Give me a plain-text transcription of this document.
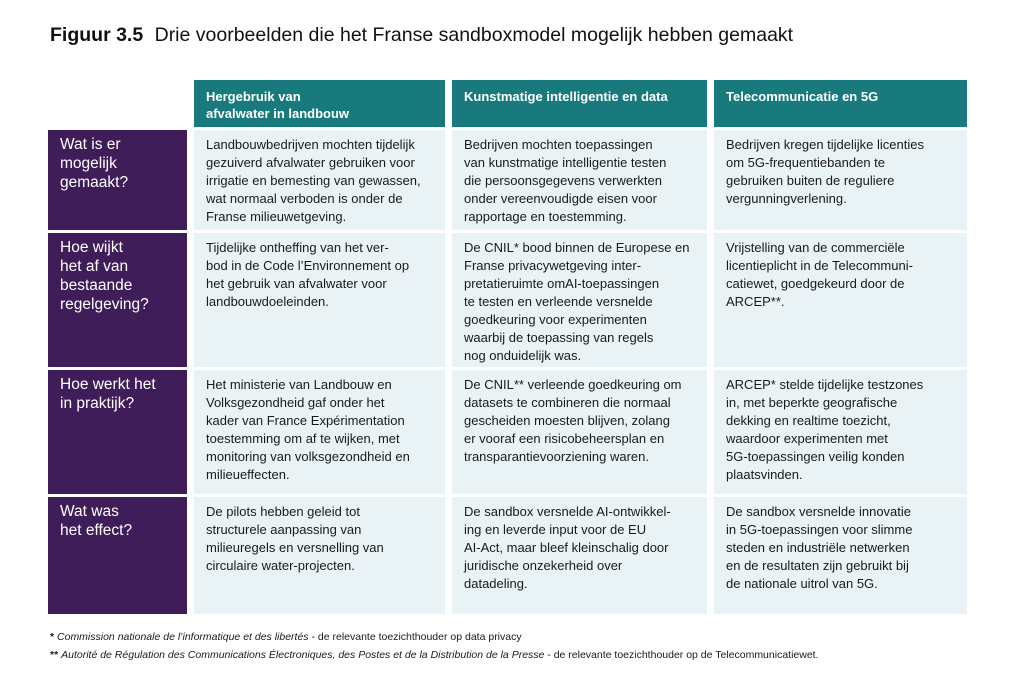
Figuur 3.5 Drie voorbeelden die het Franse sandboxmodel mogelijk hebben gemaakt
Hergebruik van
afvalwater in landbouw
Kunstmatige intelligentie en data	Telecommunicatie en 5G
Wat is er
mogelijk
gemaakt?
Landbouwbedrijven mochten tijdelijk
gezuiverd afvalwater gebruiken voor
irrigatie en bemesting van gewassen,
wat normaal verboden is onder de
Franse milieuwetgeving.
Bedrijven mochten toepassingen
van kunstmatige intelligentie testen
die persoonsgegevens verwerkten
onder vereenvoudigde eisen voor
rapportage en toestemming.
Bedrijven kregen tijdelijke licenties
om 5G-frequentiebanden te
gebruiken buiten de reguliere
vergunningverlening.
Hoe wijkt
het af van
bestaande
regelgeving?
Tijdelijke ontheffing van het ver-
bod in de Code l’Environnement op
het gebruik van afvalwater voor
landbouwdoeleinden.
De CNIL* bood binnen de Europese en
Franse privacywetgeving inter-
pretatieruimte omAI-toepassingen
te testen en verleende versnelde
goedkeuring voor experimenten
waarbij de toepassing van regels
nog onduidelijk was.
Vrijstelling van de commerciële
licentieplicht in de Telecommuni-
catiewet, goedgekeurd door de
ARCEP**.
Hoe werkt het
in praktijk?
Het ministerie van Landbouw en
Volksgezondheid gaf onder het
kader van France Expérimentation
toestemming om af te wijken, met
monitoring van volksgezondheid en
milieueffecten.
De CNIL** verleende goedkeuring om
datasets te combineren die normaal
gescheiden moesten blijven, zolang
er vooraf een risicobeheersplan en
transparantievoorziening waren.
ARCEP* stelde tijdelijke testzones
in, met beperkte geografische
dekking en realtime toezicht,
waardoor experimenten met
5G-toepassingen veilig konden
plaatsvinden.
Wat was
het effect?
De pilots hebben geleid tot
structurele aanpassing van
milieuregels en versnelling van
circulaire water-projecten.
De sandbox versnelde AI-ontwikkel-
ing en leverde input voor de EU
AI-Act, maar bleef kleinschalig door
juridische onzekerheid over
datadeling.
De sandbox versnelde innovatie
in 5G-toepassingen voor slimme
steden en industriële netwerken
en de resultaten zijn gebruikt bij
de nationale uitrol van 5G.
* Commission nationale de l’informatique et des libertés - de relevante toezichthouder op data privacy
** Autorité de Régulation des Communications Électroniques, des Postes et de la Distribution de la Presse - de relevante toezichthouder op de Telecommunicatiewet.
